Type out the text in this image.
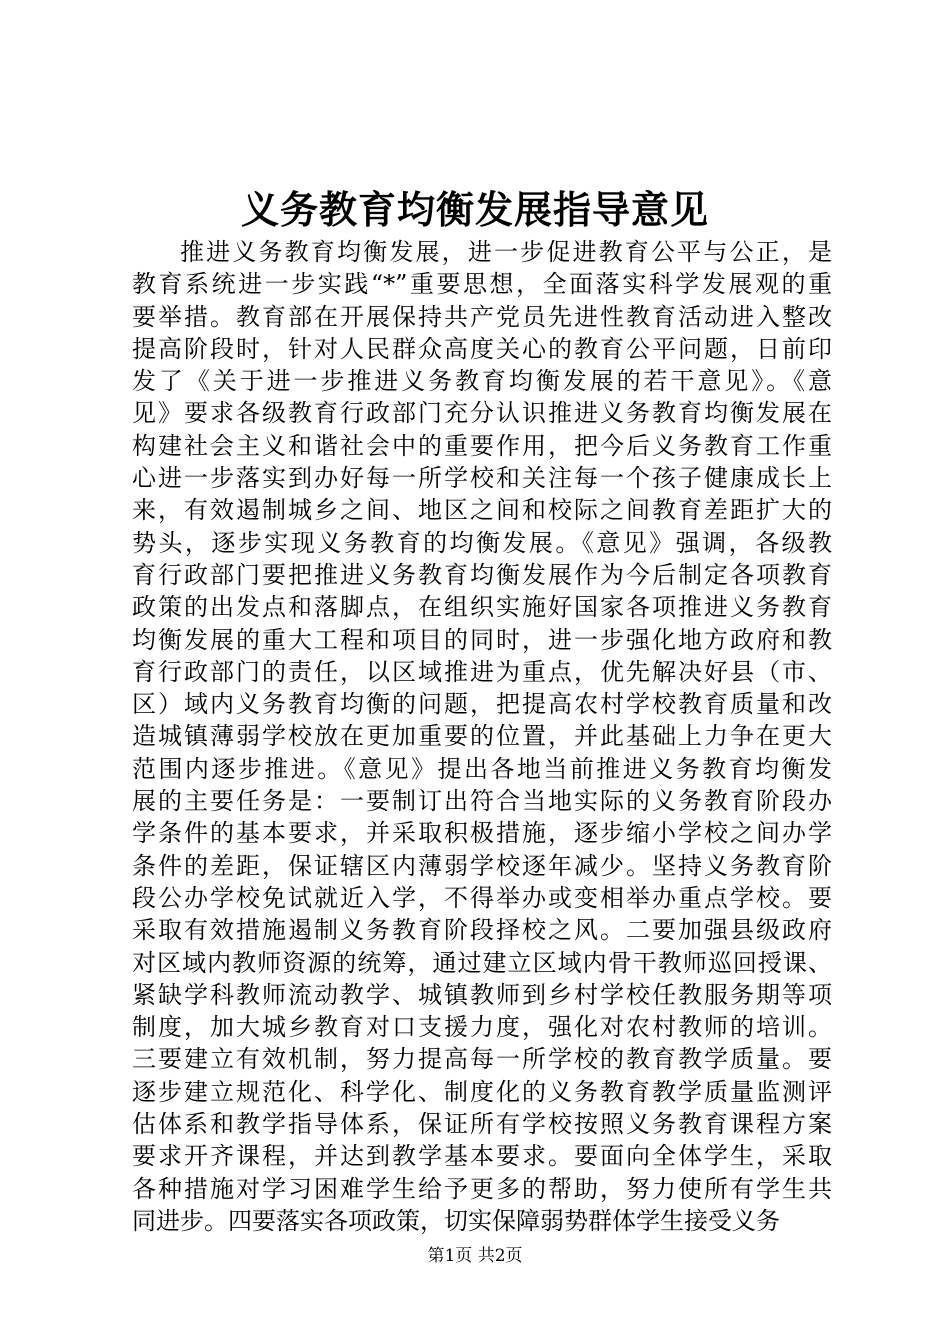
义务教育均衡发展指导意见
推进义务教育均衡发展，进一步促进教育公平与公正，是
教育系统进一步实践“*”重要思想，全面落实科学发展观的重
要举措。教育部在开展保持共产党员先进性教育活动进入整改
提高阶段时，针对人民群众高度关心的教育公平问题，日前印
发了《关于进一步推进义务教育均衡发展的若干意见》。《意
见》要求各级教育行政部门充分认识推进义务教育均衡发展在
构建社会主义和谐社会中的重要作用，把今后义务教育工作重
心进一步落实到办好每一所学校和关注每一个孩子健康成长上
来，有效遏制城乡之间、地区之间和校际之间教育差距扩大的
势头，逐步实现义务教育的均衡发展。《意见》强调，各级教
育行政部门要把推进义务教育均衡发展作为今后制定各项教育
政策的出发点和落脚点，在组织实施好国家各项推进义务教育
均衡发展的重大工程和项目的同时，进一步强化地方政府和教
育行政部门的责任，以区域推进为重点，优先解决好县（市、
区）域内义务教育均衡的问题，把提高农村学校教育质量和改
造城镇薄弱学校放在更加重要的位置，并此基础上力争在更大
范围内逐步推进。《意见》提出各地当前推进义务教育均衡发
展的主要任务是：一要制订出符合当地实际的义务教育阶段办
学条件的基本要求，并采取积极措施，逐步缩小学校之间办学
条件的差距，保证辖区内薄弱学校逐年减少。坚持义务教育阶
段公办学校免试就近入学，不得举办或变相举办重点学校。要
采取有效措施遏制义务教育阶段择校之风。二要加强县级政府
对区域内教师资源的统筹，通过建立区域内骨干教师巡回授课、
紧缺学科教师流动教学、城镇教师到乡村学校任教服务期等项
制度，加大城乡教育对口支援力度，强化对农村教师的培训。
三要建立有效机制，努力提高每一所学校的教育教学质量。要
逐步建立规范化、科学化、制度化的义务教育教学质量监测评
估体系和教学指导体系，保证所有学校按照义务教育课程方案
要求开齐课程，并达到教学基本要求。要面向全体学生，采取
各种措施对学习困难学生给予更多的帮助，努力使所有学生共
同进步。四要落实各项政策，切实保障弱势群体学生接受义务
第1页 共2页
